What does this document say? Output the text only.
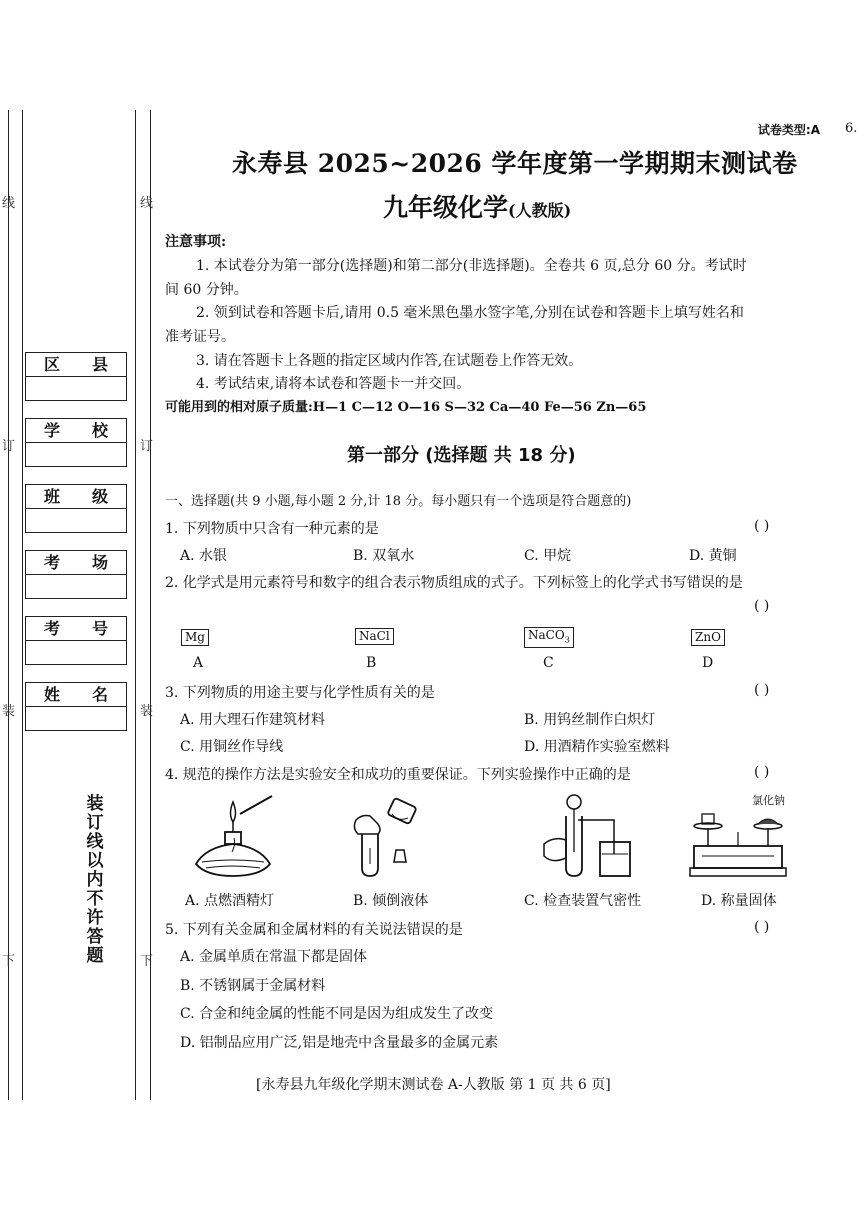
线
订
装
下
线
订
装
下
区 县
学 校
班 级
考 场
考 号
姓 名
装订线以内不许答题
试卷类型:A 6.
永寿县 2025~2026 学年度第一学期期末测试卷
九年级化学(人教版)
注意事项:
1. 本试卷分为第一部分(选择题)和第二部分(非选择题)。全卷共 6 页,总分 60 分。考试时
间 60 分钟。
2. 领到试卷和答题卡后,请用 0.5 毫米黑色墨水签字笔,分别在试卷和答题卡上填写姓名和
准考证号。
3. 请在答题卡上各题的指定区域内作答,在试题卷上作答无效。
4. 考试结束,请将本试卷和答题卡一并交回。
可能用到的相对原子质量:H—1 C—12 O—16 S—32 Ca—40 Fe—56 Zn—65
第一部分 (选择题 共 18 分)
一、选择题(共 9 小题,每小题 2 分,计 18 分。每小题只有一个选项是符合题意的)
1. 下列物质中只含有一种元素的是	( )
A. 水银	B. 双氧水	C. 甲烷	D. 黄铜
2. 化学式是用元素符号和数字的组合表示物质组成的式子。下列标签上的化学式书写错误的是
( )
Mg	NaCl	NaCO$_3$	ZnO
A	B	C	D
3. 下列物质的用途主要与化学性质有关的是	( )
A. 用大理石作建筑材料	B. 用钨丝制作白炽灯
C. 用铜丝作导线	D. 用酒精作实验室燃料
4. 规范的操作方法是实验安全和成功的重要保证。下列实验操作中正确的是	( )
氯化钠
A. 点燃酒精灯	B. 倾倒液体	C. 检查装置气密性	D. 称量固体
5. 下列有关金属和金属材料的有关说法错误的是	( )
A. 金属单质在常温下都是固体
B. 不锈钢属于金属材料
C. 合金和纯金属的性能不同是因为组成发生了改变
D. 铝制品应用广泛,铝是地壳中含量最多的金属元素
[永寿县九年级化学期末测试卷 A-人教版 第 1 页 共 6 页]
